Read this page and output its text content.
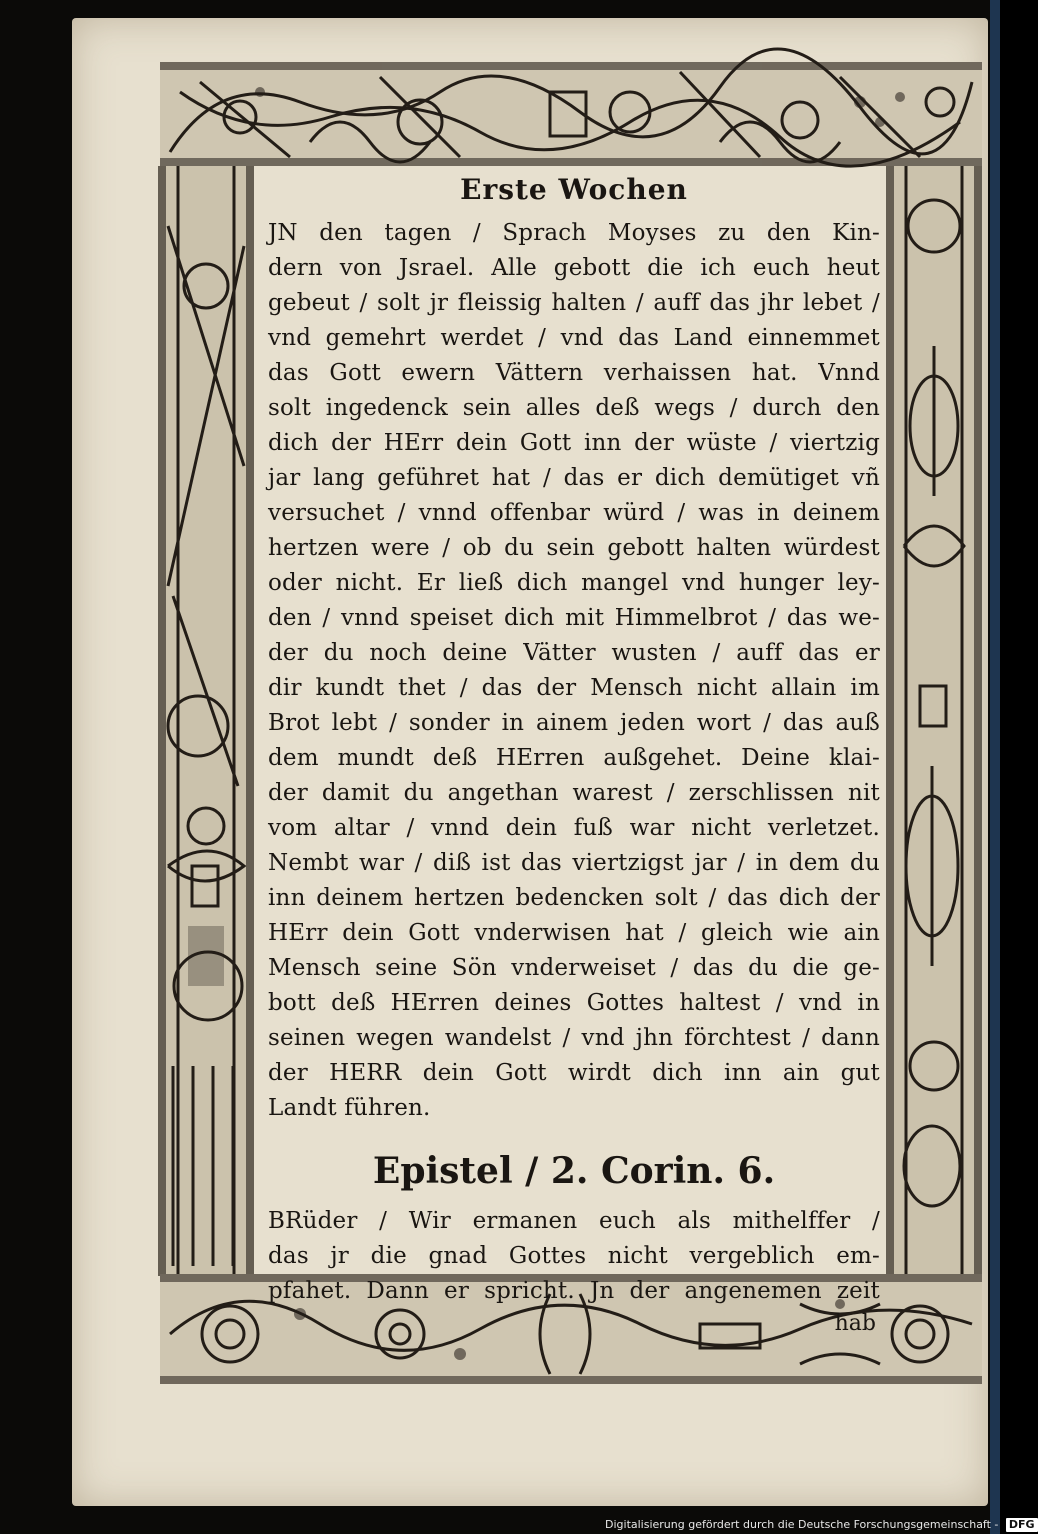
Erste Wochen
JN den tagen / Sprach Moyses zu den Kin-
dern von Jsrael. Alle gebott die ich euch heut
gebeut / solt jr fleissig halten / auff das jhr lebet /
vnd gemehrt werdet / vnd das Land einnemmet
das Gott ewern Vättern verhaissen hat. Vnnd
solt ingedenck sein alles deß wegs / durch den
dich der HErr dein Gott inn der wüste / viertzig
jar lang geführet hat / das er dich demütiget vñ
versuchet / vnnd offenbar würd / was in deinem
hertzen were / ob du sein gebott halten würdest
oder nicht. Er ließ dich mangel vnd hunger ley-
den / vnnd speiset dich mit Himmelbrot / das we-
der du noch deine Vätter wusten / auff das er
dir kundt thet / das der Mensch nicht allain im
Brot lebt / sonder in ainem jeden wort / das auß
dem mundt deß HErren außgehet. Deine klai-
der damit du angethan warest / zerschlissen nit
vom altar / vnnd dein fuß war nicht verletzet.
Nembt war / diß ist das viertzigst jar / in dem du
inn deinem hertzen bedencken solt / das dich der
HErr dein Gott vnderwisen hat / gleich wie ain
Mensch seine Sön vnderweiset / das du die ge-
bott deß HErren deines Gottes haltest / vnd in
seinen wegen wandelst / vnd jhn förchtest / dann
der HERR dein Gott wirdt dich inn ain gut
Landt führen.
Epistel / 2. Corin. 6.
BRüder / Wir ermanen euch als mithelffer /
das jr die gnad Gottes nicht vergeblich em-
pfahet. Dann er spricht. Jn der angenemen zeit
hab
Digitalisierung gefördert durch die Deutsche Forschungsgemeinschaft - DFG
